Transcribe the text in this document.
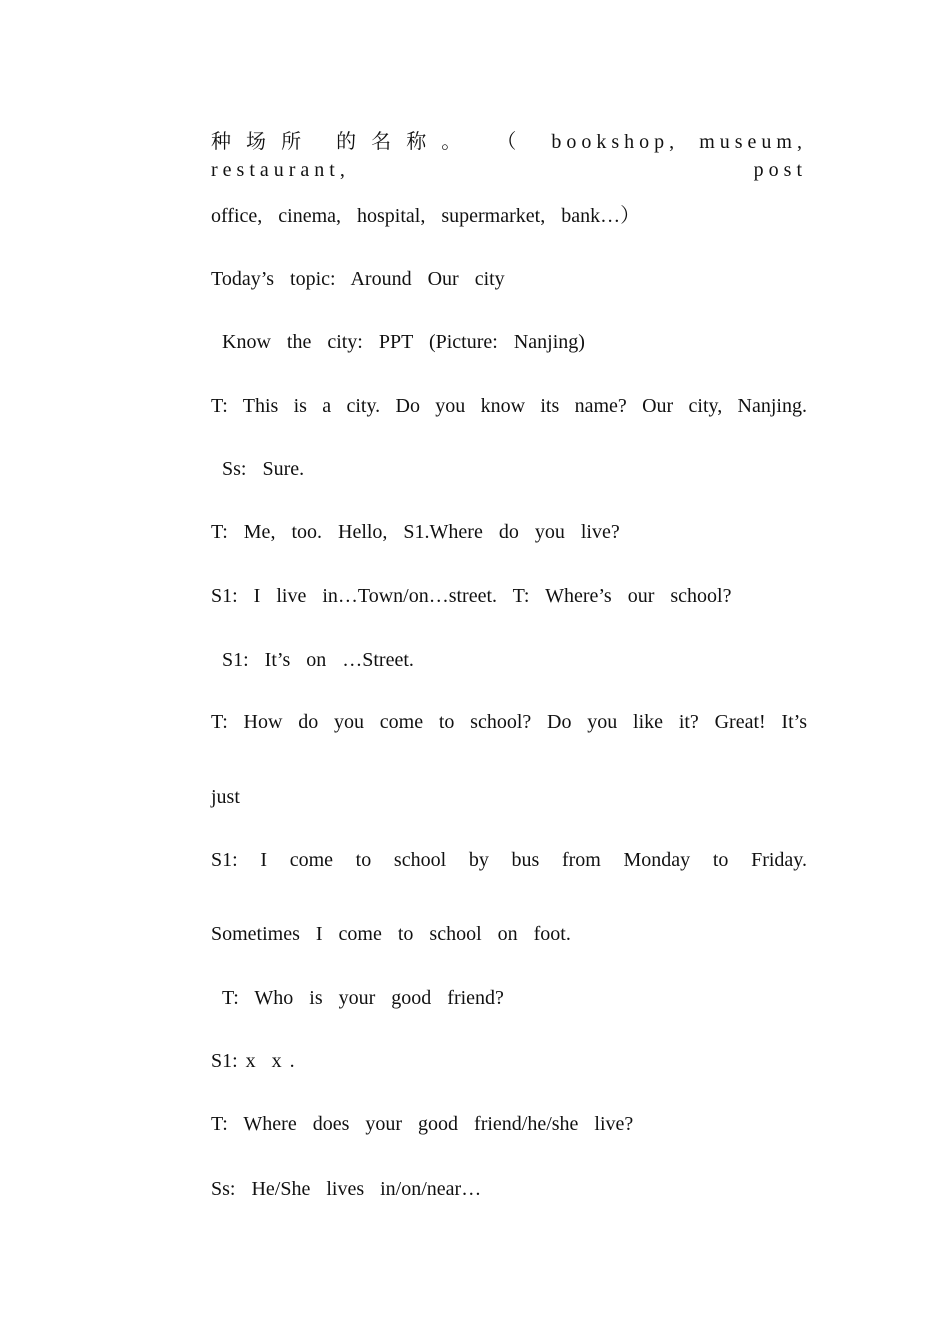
种场所 的名称。 （ bookshop, museum, restaurant, post
office,  cinema,  hospital,  supermarket,  bank…）
Today’s  topic:  Around  Our  city
Know  the  city:  PPT  (Picture:  Nanjing)
T: This is a city. Do you know its name? Our city, Nanjing.
Ss:  Sure.
T:  Me,  too.  Hello,  S1.Where  do  you  live?
S1:  I  live  in…Town/on…street.  T:  Where’s  our  school?
S1:  It’s  on  …Street.
T: How do you come to school? Do you like it? Great! It’s
just
S1: I come to school by bus from Monday to Friday.
Sometimes  I  come  to  school  on  foot.
T:  Who  is  your  good  friend?
S1: x  x .
T:  Where  does  your  good  friend/he/she  live?
Ss:  He/She  lives  in/on/near…
